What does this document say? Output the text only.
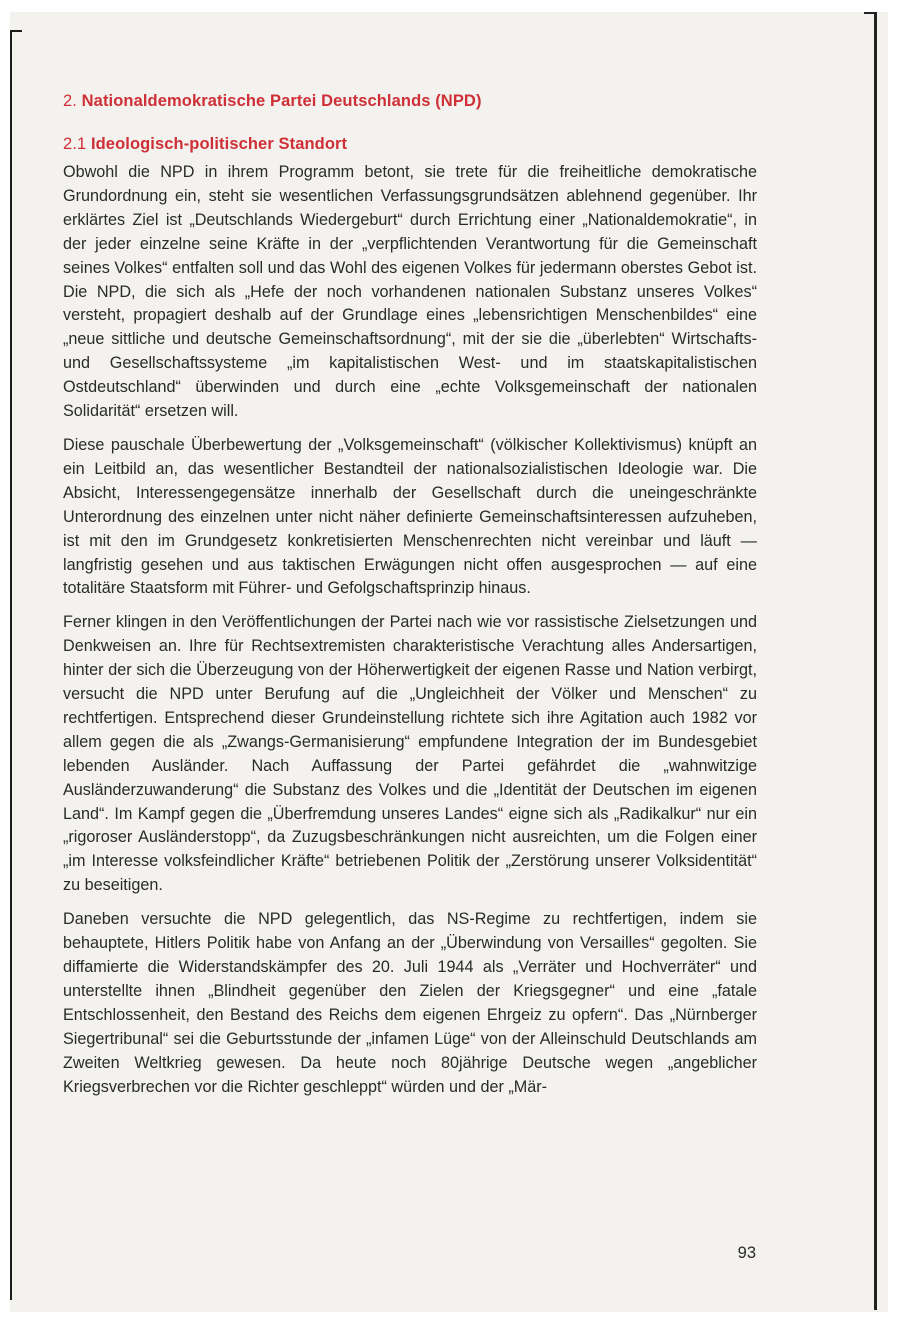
2. Nationaldemokratische Partei Deutschlands (NPD)
2.1 Ideologisch-politischer Standort

Obwohl die NPD in ihrem Programm betont, sie trete für die freiheitliche demokratische Grundordnung ein, steht sie wesentlichen Verfassungsgrundsätzen ablehnend gegenüber. Ihr erklärtes Ziel ist „Deutschlands Wiedergeburt“ durch Errichtung einer „Nationaldemokratie“, in der jeder einzelne seine Kräfte in der „verpflichtenden Verantwortung für die Gemeinschaft seines Volkes“ entfalten soll und das Wohl des eigenen Volkes für jedermann oberstes Gebot ist. Die NPD, die sich als „Hefe der noch vorhandenen nationalen Substanz unseres Volkes“ versteht, propagiert deshalb auf der Grundlage eines „lebensrichtigen Menschenbildes“ eine „neue sittliche und deutsche Gemeinschaftsordnung“, mit der sie die „überlebten“ Wirtschafts- und Gesellschaftssysteme „im kapitalistischen West- und im staatskapitalistischen Ostdeutschland“ überwinden und durch eine „echte Volksgemeinschaft der nationalen Solidarität“ ersetzen will.

Diese pauschale Überbewertung der „Volksgemeinschaft“ (völkischer Kollektivismus) knüpft an ein Leitbild an, das wesentlicher Bestandteil der nationalsozialistischen Ideologie war. Die Absicht, Interessengegensätze innerhalb der Gesellschaft durch die uneingeschränkte Unterordnung des einzelnen unter nicht näher definierte Gemeinschaftsinteressen aufzuheben, ist mit den im Grundgesetz konkretisierten Menschenrechten nicht vereinbar und läuft — langfristig gesehen und aus taktischen Erwägungen nicht offen ausgesprochen — auf eine totalitäre Staatsform mit Führer- und Gefolgschaftsprinzip hinaus.

Ferner klingen in den Veröffentlichungen der Partei nach wie vor rassistische Zielsetzungen und Denkweisen an. Ihre für Rechtsextremisten charakteristische Verachtung alles Andersartigen, hinter der sich die Überzeugung von der Höherwertigkeit der eigenen Rasse und Nation verbirgt, versucht die NPD unter Berufung auf die „Ungleichheit der Völker und Menschen“ zu rechtfertigen. Entsprechend dieser Grundeinstellung richtete sich ihre Agitation auch 1982 vor allem gegen die als „Zwangs-Germanisierung“ empfundene Integration der im Bundesgebiet lebenden Ausländer. Nach Auffassung der Partei gefährdet die „wahnwitzige Ausländerzuwanderung“ die Substanz des Volkes und die „Identität der Deutschen im eigenen Land“. Im Kampf gegen die „Überfremdung unseres Landes“ eigne sich als „Radikalkur“ nur ein „rigoroser Ausländerstopp“, da Zuzugsbeschränkungen nicht ausreichten, um die Folgen einer „im Interesse volksfeindlicher Kräfte“ betriebenen Politik der „Zerstörung unserer Volksidentität“ zu beseitigen.

Daneben versuchte die NPD gelegentlich, das NS-Regime zu rechtfertigen, indem sie behauptete, Hitlers Politik habe von Anfang an der „Überwindung von Versailles“ gegolten. Sie diffamierte die Widerstandskämpfer des 20. Juli 1944 als „Verräter und Hochverräter“ und unterstellte ihnen „Blindheit gegenüber den Zielen der Kriegsgegner“ und eine „fatale Entschlossenheit, den Bestand des Reichs dem eigenen Ehrgeiz zu opfern“. Das „Nürnberger Siegertribunal“ sei die Geburtsstunde der „infamen Lüge“ von der Alleinschuld Deutschlands am Zweiten Weltkrieg gewesen. Da heute noch 80jährige Deutsche wegen „angeblicher Kriegsverbrechen vor die Richter geschleppt“ würden und der „Mär-

93
